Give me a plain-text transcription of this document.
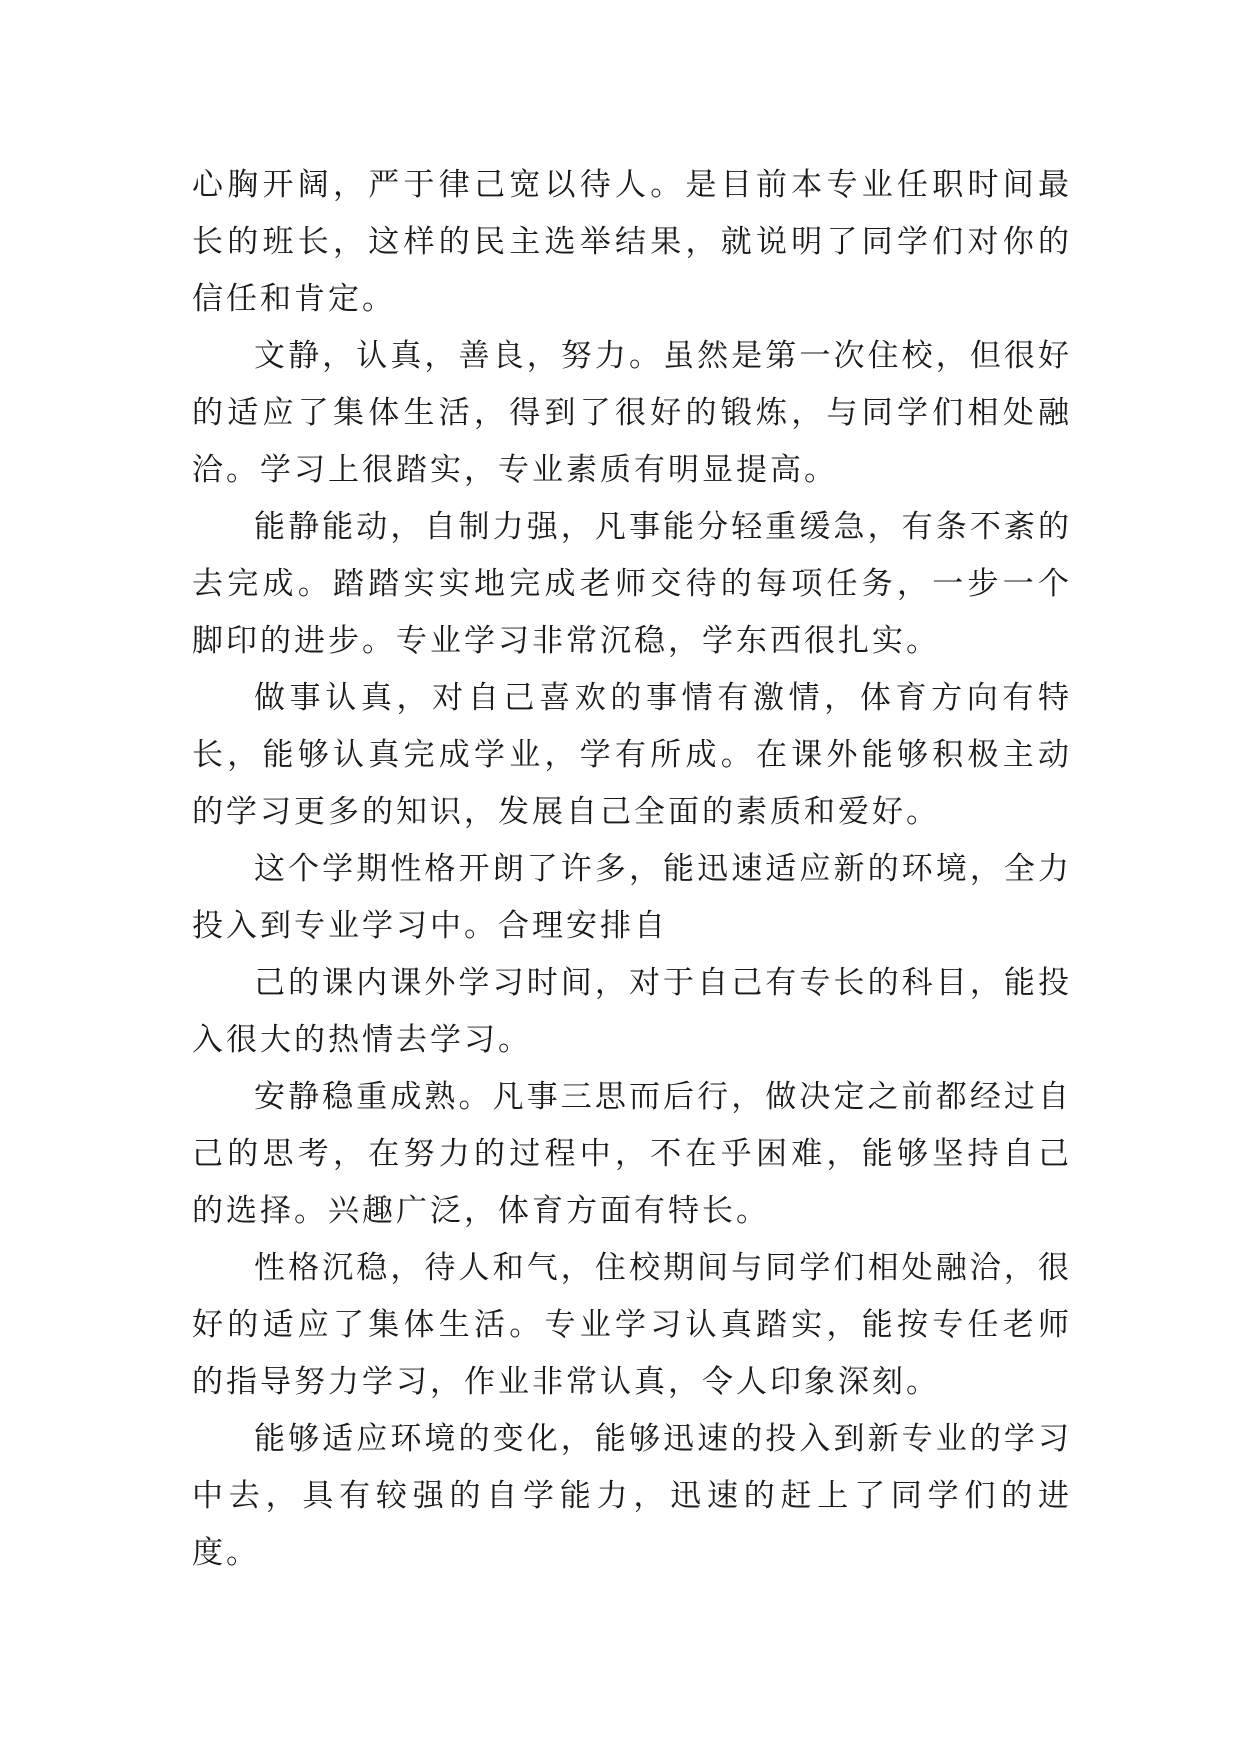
心胸开阔，严于律己宽以待人。是目前本专业任职时间最长的班长，这样的民主选举结果，就说明了同学们对你的信任和肯定。

文静，认真，善良，努力。虽然是第一次住校，但很好的适应了集体生活，得到了很好的锻炼，与同学们相处融洽。学习上很踏实，专业素质有明显提高。

能静能动，自制力强，凡事能分轻重缓急，有条不紊的去完成。踏踏实实地完成老师交待的每项任务，一步一个脚印的进步。专业学习非常沉稳，学东西很扎实。

做事认真，对自己喜欢的事情有激情，体育方向有特长，能够认真完成学业，学有所成。在课外能够积极主动的学习更多的知识，发展自己全面的素质和爱好。

这个学期性格开朗了许多，能迅速适应新的环境，全力投入到专业学习中。合理安排自

己的课内课外学习时间，对于自己有专长的科目，能投入很大的热情去学习。

安静稳重成熟。凡事三思而后行，做决定之前都经过自己的思考，在努力的过程中，不在乎困难，能够坚持自己的选择。兴趣广泛，体育方面有特长。

性格沉稳，待人和气，住校期间与同学们相处融洽，很好的适应了集体生活。专业学习认真踏实，能按专任老师的指导努力学习，作业非常认真，令人印象深刻。

能够适应环境的变化，能够迅速的投入到新专业的学习中去，具有较强的自学能力，迅速的赶上了同学们的进度。
